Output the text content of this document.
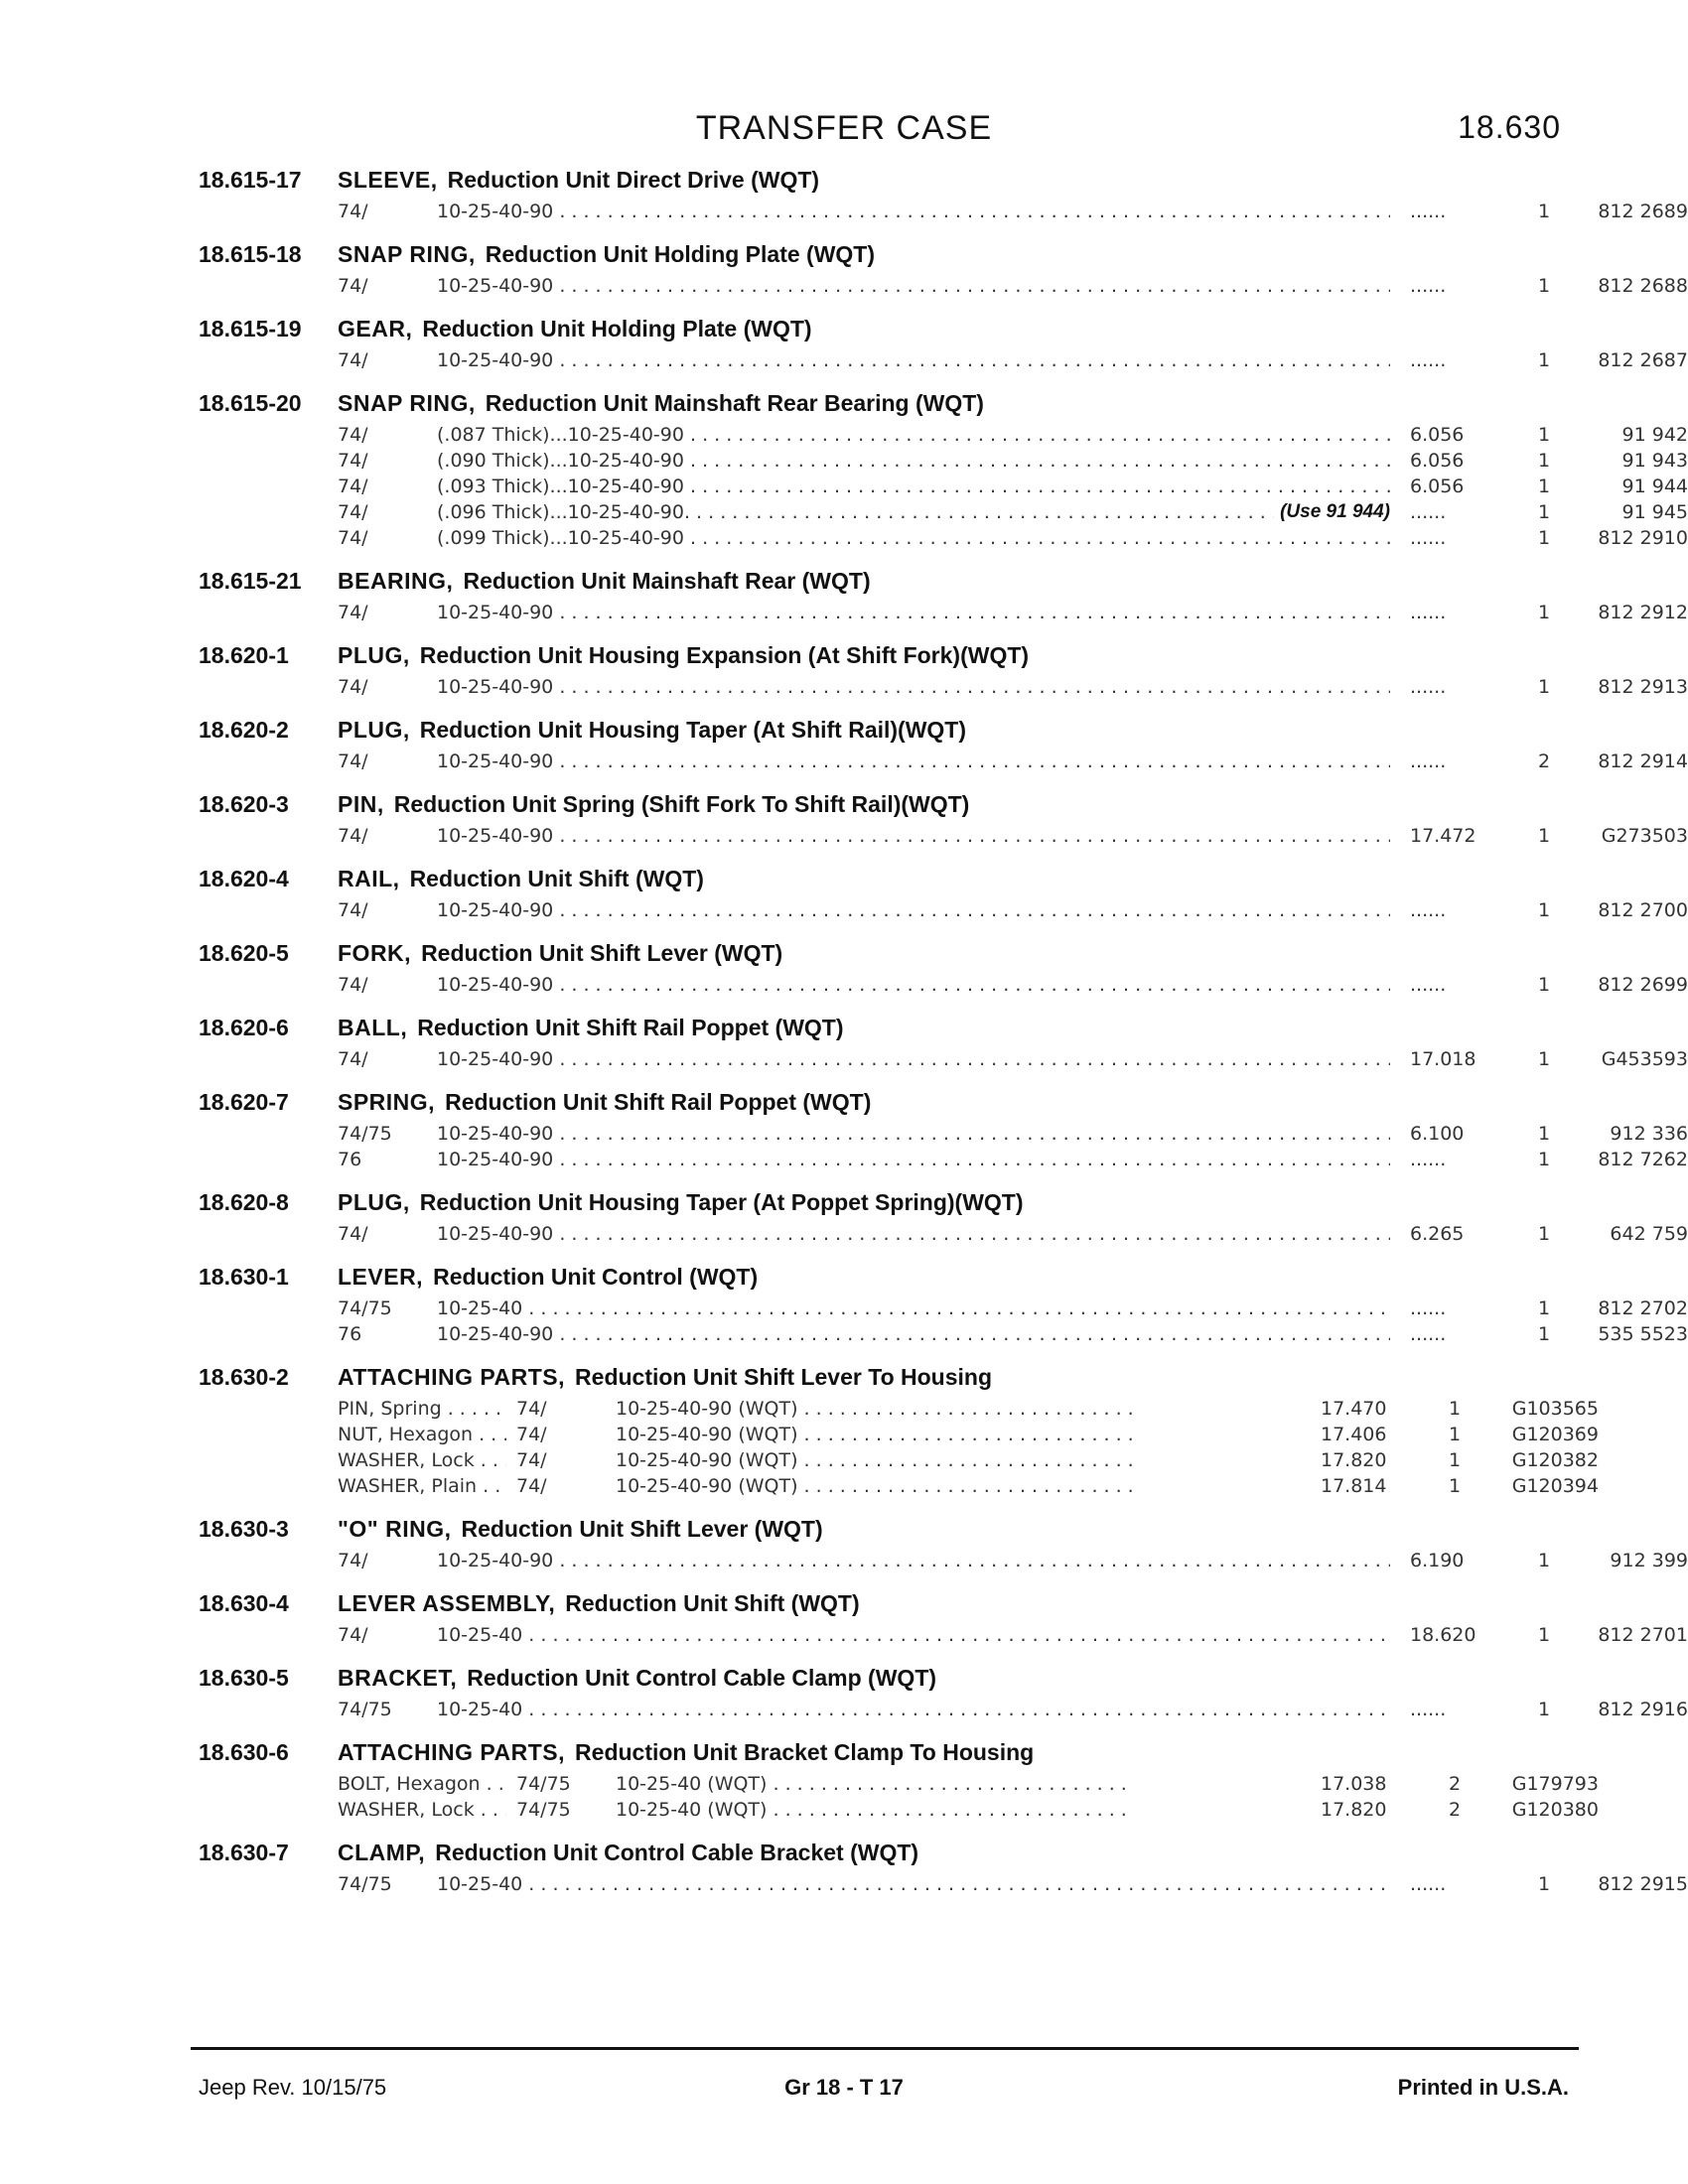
TRANSFER CASE	18.630
18.615-17	SLEEVE, Reduction Unit Direct Drive (WQT)
74/	10-25-40-90 . . .	......	1	812 2689
18.615-18	SNAP RING, Reduction Unit Holding Plate (WQT)
74/	10-25-40-90 . . .	......	1	812 2688
18.615-19	GEAR, Reduction Unit Holding Plate (WQT)
74/	10-25-40-90 . . .	......	1	812 2687
18.615-20	SNAP RING, Reduction Unit Mainshaft Rear Bearing (WQT)
74/	(.087 Thick)...10-25-40-90 . . .	6.056	1	91 942
74/	(.090 Thick)...10-25-40-90 . . .	6.056	1	91 943
74/	(.093 Thick)...10-25-40-90 . . .	6.056	1	91 944
74/	(.096 Thick)...10-25-40-90
. . .	(Use 91 944)	......	1	91 945
74/	(.099 Thick)...10-25-40-90 . . .	......	1	812 2910
18.615-21	BEARING, Reduction Unit Mainshaft Rear (WQT)
74/	10-25-40-90 . . .	......	1	812 2912
18.620-1	PLUG, Reduction Unit Housing Expansion (At Shift Fork)(WQT)
74/	10-25-40-90 . . .	......	1	812 2913
18.620-2	PLUG, Reduction Unit Housing Taper (At Shift Rail)(WQT)
74/	10-25-40-90 . . .	......	2	812 2914
18.620-3	PIN, Reduction Unit Spring (Shift Fork To Shift Rail)(WQT)
74/	10-25-40-90 . . .	17.472	1	G273503
18.620-4	RAIL, Reduction Unit Shift (WQT)
74/	10-25-40-90 . . .	......	1	812 2700
18.620-5	FORK, Reduction Unit Shift Lever (WQT)
74/	10-25-40-90 . . .	......	1	812 2699
18.620-6	BALL, Reduction Unit Shift Rail Poppet (WQT)
74/	10-25-40-90 . . .	17.018	1	G453593
18.620-7	SPRING, Reduction Unit Shift Rail Poppet (WQT)
74/75	10-25-40-90 . . .	6.100	1	912 336
76	10-25-40-90 . . .	......	1	812 7262
18.620-8	PLUG, Reduction Unit Housing Taper (At Poppet Spring)(WQT)
74/	10-25-40-90 . . .	6.265	1	642 759
18.630-1	LEVER, Reduction Unit Control (WQT)
74/75	10-25-40 . . .	......	1	812 2702
76	10-25-40-90 . . .	......	1	535 5523
18.630-2	ATTACHING PARTS, Reduction Unit Shift Lever To Housing
PIN, Spring . . .	74/	10-25-40-90 (WQT) . . .	17.470	1	G103565
NUT, Hexagon . . .	74/	10-25-40-90 (WQT) . . .	17.406	1	G120369
WASHER, Lock . . .	74/	10-25-40-90 (WQT) . . .	17.820	1	G120382
WASHER, Plain . . .	74/	10-25-40-90 (WQT) . . .	17.814	1	G120394
18.630-3	"O" RING, Reduction Unit Shift Lever (WQT)
74/	10-25-40-90 . . .	6.190	1	912 399
18.630-4	LEVER ASSEMBLY, Reduction Unit Shift (WQT)
74/	10-25-40 . . .	18.620	1	812 2701
18.630-5	BRACKET, Reduction Unit Control Cable Clamp (WQT)
74/75	10-25-40 . . .	......	1	812 2916
18.630-6	ATTACHING PARTS, Reduction Unit Bracket Clamp To Housing
BOLT, Hexagon . . .	74/75	10-25-40 (WQT) . . .	17.038	2	G179793
WASHER, Lock . . .	74/75	10-25-40 (WQT) . . .	17.820	2	G120380
18.630-7	CLAMP, Reduction Unit Control Cable Bracket (WQT)
74/75	10-25-40 . . .	......	1	812 2915
Jeep Rev. 10/15/75	Gr 18 - T 17	Printed in U.S.A.
